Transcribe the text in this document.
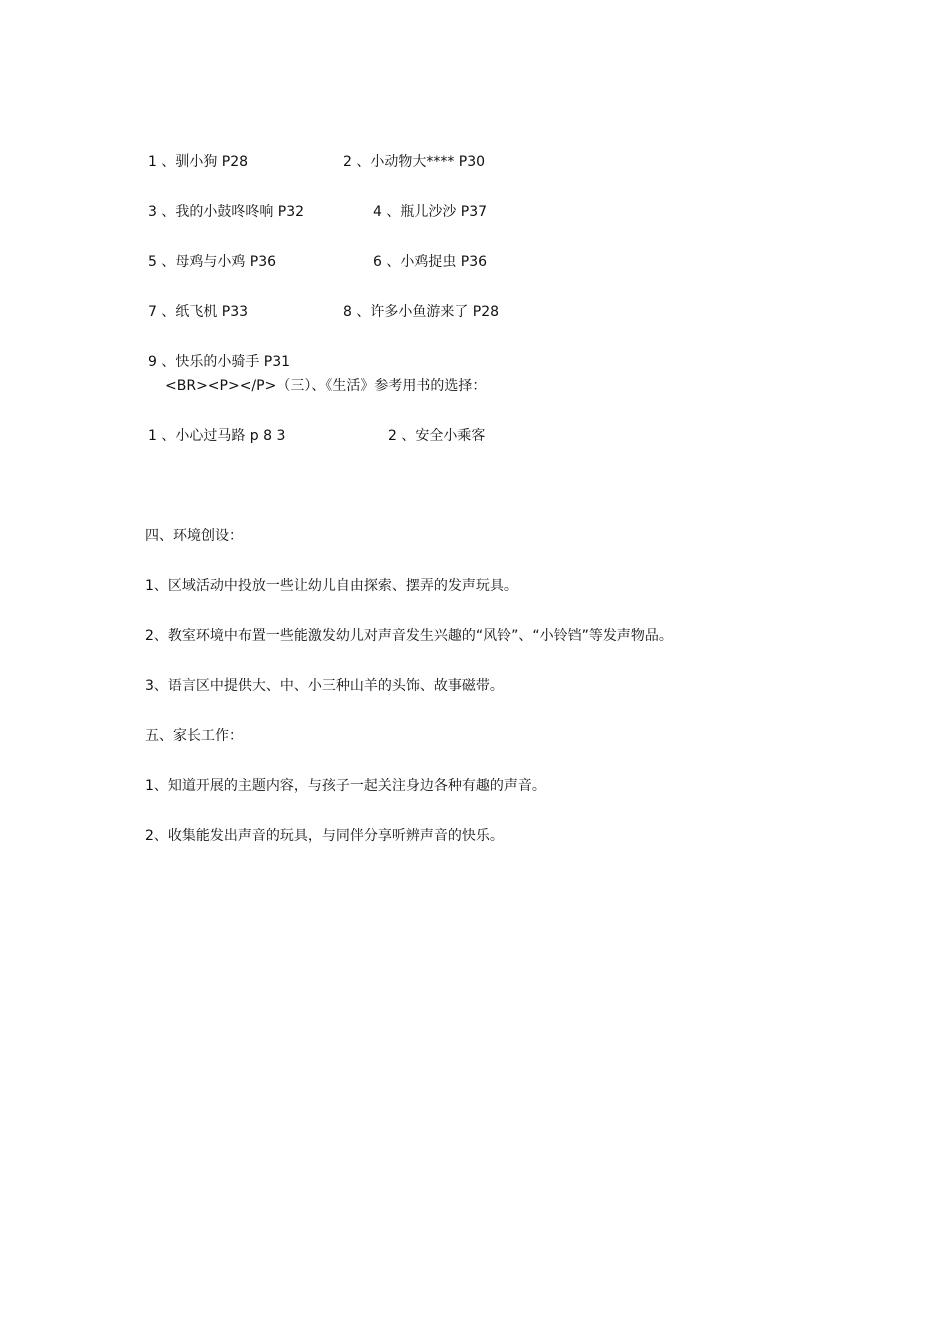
1 、驯小狗 P28	2 、小动物大**** P30
3 、我的小鼓咚咚响 P32	4 、瓶儿沙沙 P37
5 、母鸡与小鸡 P36	6 、小鸡捉虫 P36
7 、纸飞机 P33	8 、许多小鱼游来了 P28
9 、快乐的小骑手 P31
<BR><P></P>（三）、《生活》参考用书的选择：
1 、小心过马路 p 8 3	2 、安全小乘客
四、环境创设：
1、区域活动中投放一些让幼儿自由探索、摆弄的发声玩具。
2、教室环境中布置一些能激发幼儿对声音发生兴趣的“风铃”、“小铃铛”等发声物品。
3、语言区中提供大、中、小三种山羊的头饰、故事磁带。
五、家长工作：
1、知道开展的主题内容，与孩子一起关注身边各种有趣的声音。
2、收集能发出声音的玩具，与同伴分享听辨声音的快乐。
